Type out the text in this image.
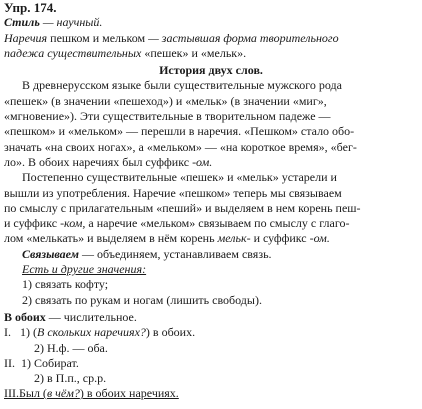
Упр. 174.
Стиль — научный.
Наречия пешком и мельком — застывшая форма творительного
падежа существительных «пешек» и «мельк».
История двух слов.
В древнерусском языке были существительные мужского рода
«пешек» (в значении «пешеход») и «мельк» (в значении «миг»,
«мгновение»). Эти существительные в творительном падеже —
«пешком» и «мельком» — перешли в наречия. «Пешком» стало обо-
значать «на своих ногах», а «мельком» — «на короткое время», «бег-
ло». В обоих наречиях был суффикс -ом.
Постепенно существительные «пешек» и «мельк» устарели и
вышли из употребления. Наречие «пешком» теперь мы связываем
по смыслу с прилагательным «пеший» и выделяем в нем корень пеш-
и суффикс -ком, а наречие «мельком» связываем по смыслу с глаго-
лом «мелькать» и выделяем в нём корень мельк- и суффикс -ом.
Связываем — объединяем, устанавливаем связь.
Есть и другие значения:
1) связать кофту;
2) связать по рукам и ногам (лишить свободы).
В обоих — числительное.
I.   1) (В скольких наречиях?) в обоих.
2) Н.ф. — оба.
II.  1) Собират.
2) в П.п., ср.р.
III.Был (в чём?) в обоих наречиях.
